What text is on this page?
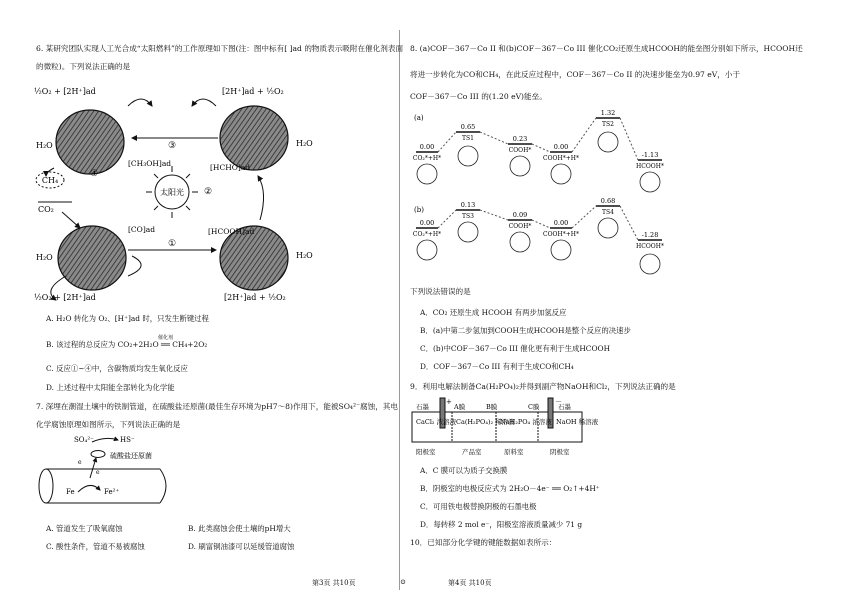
6. 某研究团队实现人工光合成“太阳燃料”的工作原理如下图(注：图中标有[ ]ad 的物质表示吸附在催化剂表面
的微粒)。下列说法正确的是
太阳光
①
②
③
④
½O₂ + [2H⁺]ad	[2H⁺]ad + ½O₂
H₂O	H₂O
CH₄
CO₂
[CH₃OH]ad	[HCHO]ad
[CO]ad	[HCOOH]ad
H₂O	H₂O
½O₂ + [2H⁺]ad	[2H⁺]ad + ½O₂
A. H₂O 转化为 O₂、[H⁺]ad 时，只发生断键过程
B. 该过程的总反应为 CO₂+2H₂O ══ CH₄+2O₂
催化剂
C. 反应①~④中，含碳物质均发生氧化反应
D. 上述过程中太阳能全部转化为化学能
7. 深埋在潮湿土壤中的铁制管道，在硫酸盐还原菌(最佳生存环境为pH7～8)作用下，能被SO₄²⁻腐蚀，其电
化学腐蚀原理如图所示，下列说法正确的是
SO₄²⁻	HS⁻
硫酸盐还原菌
e
e
Fe	Fe²⁺
A. 管道发生了吸氧腐蚀	B. 此类腐蚀会使土壤的pH增大
C. 酸性条件，管道不易被腐蚀	D. 刷富铜油漆可以延缓管道腐蚀
8. (a)COF－367－Co II 和(b)COF－367－Co III 催化CO₂还原生成HCOOH的能垒图分别如下所示，HCOOH还
将进一步转化为CO和CH₄，在此反应过程中，COF－367－Co II 的决速步能垒为0.97 eV，小于
COF－367－Co III 的(1.20 eV)能垒。
(a)
0.00
0.65
0.23
0.00
1.32
-1.13
CO₂*+H*
TS1
COOH*
COOH*+H*
TS2
HCOOH*
(b)
0.00
0.13
0.09
0.00
0.68
-1.28
CO₂*+H*
TS3
COOH*
COOH*+H*
TS4
HCOOH*
下列说法错误的是
A．CO₂ 还原生成 HCOOH 有两步加氢反应
B．(a)中第二步氢加到COOH生成HCOOH是整个反应的决速步
C．(b)中COF－367－Co III 催化更有利于生成HCOOH
D．COF－367－Co III 有利于生成CO和CH₄
9．利用电解法制备Ca(H₂PO₄)₂并得到副产物NaOH和Cl₂，下列说法正确的是
+	－
石墨	石墨
A膜	B膜	C膜
CaCl₂ 浓溶液 Ca(H₂PO₄)₂ 稀溶液
NaH₂PO₄ 浓溶液 NaOH 稀溶液
阳极室	产品室	原料室	阴极室
A．C 膜可以为质子交换膜
B．阴极室的电极反应式为 2H₂O－4e⁻ ══ O₂↑+4H⁺
C．可用铁电极替换阴极的石墨电极
D．每转移 2 mol e⁻，阳极室溶液质量减少 71 g
10．已知部分化学键的键能数据如表所示：
第3页 共10页	⊙	第4页 共10页
